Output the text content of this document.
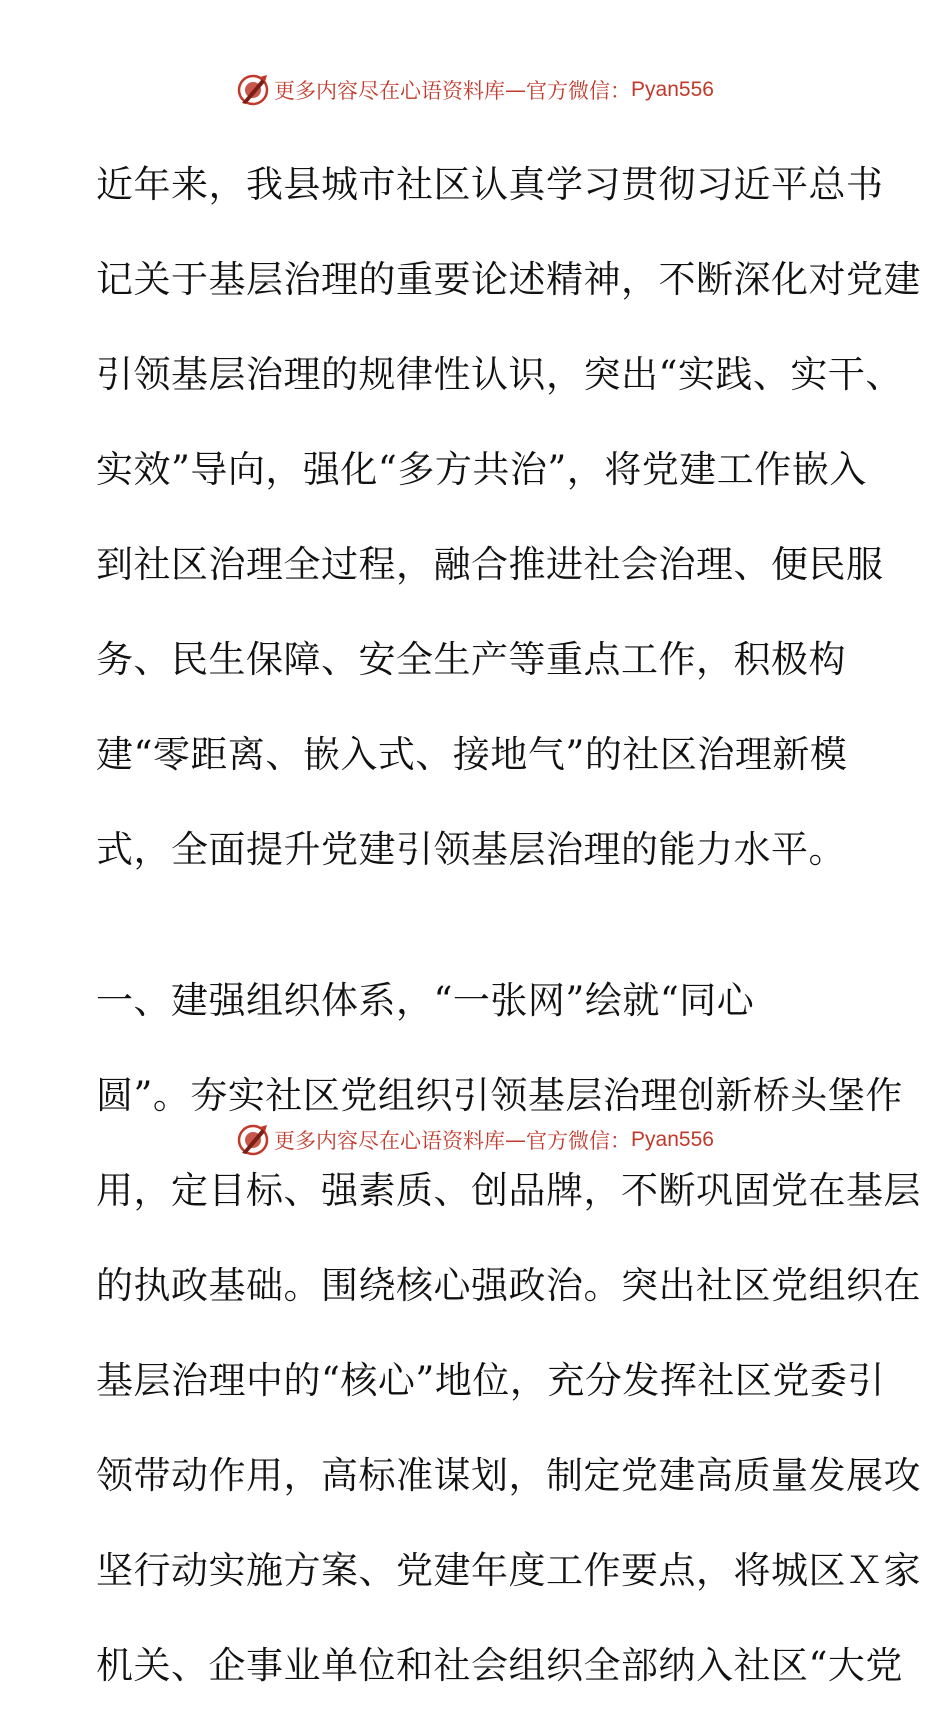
更多内容尽在心语资料库 — 官方微信： Pyan556

近年来，我县城市社区认真学习贯彻习近平总书

记关于基层治理的重要论述精神，不断深化对党建

引领基层治理的规律性认识，突出“实践、实干、

实效”导向，强化“多方共治”，将党建工作嵌入

到社区治理全过程，融合推进社会治理、便民服

务、民生保障、安全生产等重点工作，积极构

建“零距离、嵌入式、接地气”的社区治理新模

式，全面提升党建引领基层治理的能力水平。

一、建强组织体系，“一张网”绘就“同心

圆”。夯实社区党组织引领基层治理创新桥头堡作

用，定目标、强素质、创品牌，不断巩固党在基层

的执政基础。围绕核心强政治。突出社区党组织在

基层治理中的“核心”地位，充分发挥社区党委引

领带动作用，高标准谋划，制定党建高质量发展攻

坚行动实施方案、党建年度工作要点，将城区Ｘ家

机关、企事业单位和社会组织全部纳入社区“大党

更多内容尽在心语资料库 — 官方微信： Pyan556
